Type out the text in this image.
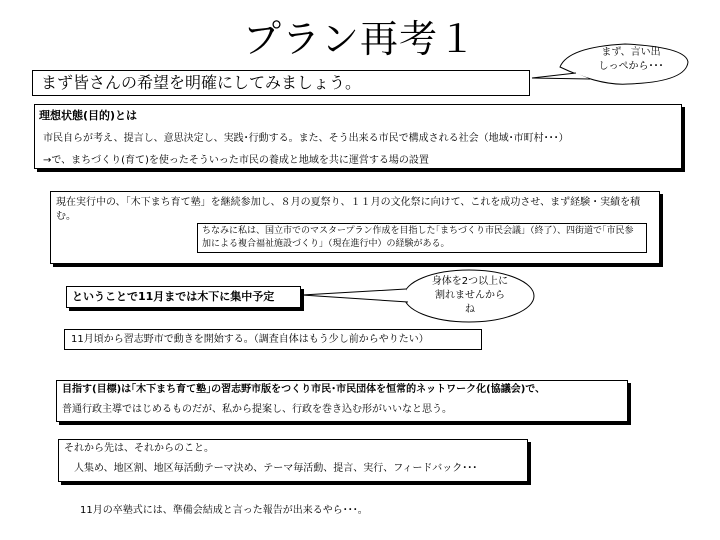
プラン再考１	まず、言い出
しっぺから･･･
まず皆さんの希望を明確にしてみましょう。
理想状態(目的)とは
市民自らが考え、提言し、意思決定し、実践･行動する。また、そう出来る市民で構成される社会（地域･市町村･･･）
→で、まちづくり(育て)を使ったそういった市民の養成と地域を共に運営する場の設置
現在実行中の、「木下まち育て塾」を継続参加し、８月の夏祭り、１１月の文化祭に向けて、これを成功させ、まず経験・実績を積む。
ちなみに私は、国立市でのマスタープラン作成を目指した｢まちづくり市民会議｣（終了）、四街道で｢市民参加による複合福祉施設づくり｣（現在進行中）の経験がある。
ということで11月までは木下に集中予定
身体を2つ以上に
割れませんから
ね
11月頃から習志野市で動きを開始する。（調査自体はもう少し前からやりたい）
目指す(目標)は｢木下まち育て塾｣の習志野市版をつくり市民･市民団体を恒常的ネットワーク化(協議会)で、
普通行政主導ではじめるものだが、私から提案し、行政を巻き込む形がいいなと思う。
それから先は、それからのこと。
人集め、地区割、地区毎活動テーマ決め、テーマ毎活動、提言、実行、フィードバック･･･
11月の卒塾式には、準備会結成と言った報告が出来るやら･･･。
